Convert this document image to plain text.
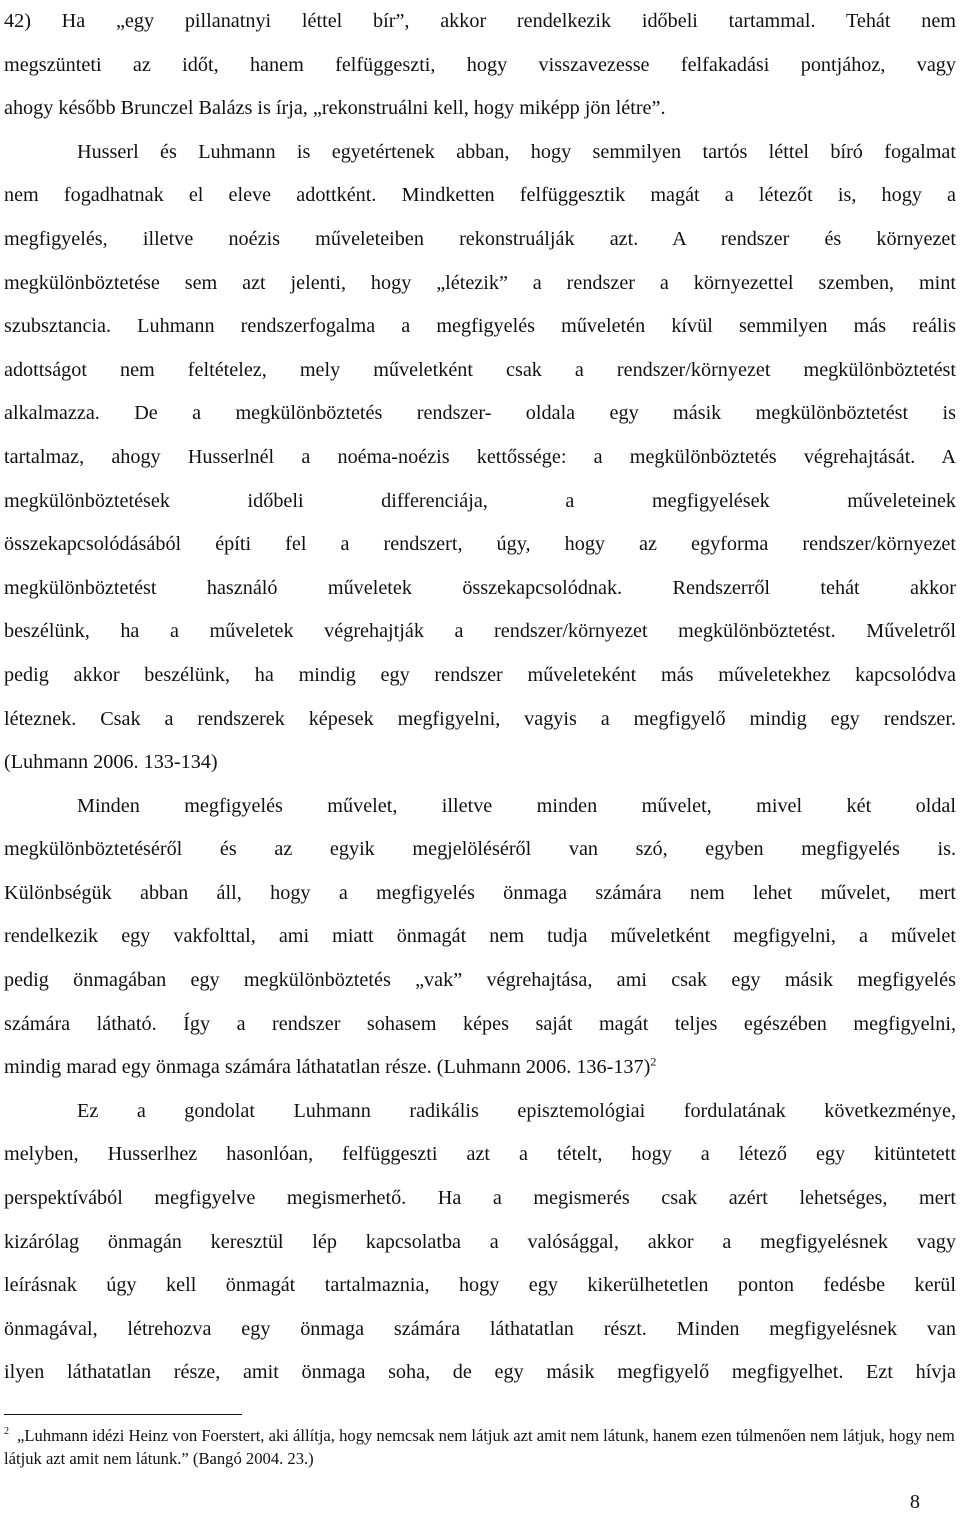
42) Ha „egy pillanatnyi léttel bír”, akkor rendelkezik időbeli tartammal. Tehát nem

megszünteti az időt, hanem felfüggeszti, hogy visszavezesse felfakadási pontjához, vagy

ahogy később Brunczel Balázs is írja, „rekonstruálni kell, hogy miképp jön létre”.

Husserl és Luhmann is egyetértenek abban, hogy semmilyen tartós léttel bíró fogalmat

nem fogadhatnak el eleve adottként. Mindketten felfüggesztik magát a létezőt is, hogy a

megfigyelés, illetve noézis műveleteiben rekonstruálják azt. A rendszer és környezet

megkülönböztetése sem azt jelenti, hogy „létezik” a rendszer a környezettel szemben, mint

szubsztancia. Luhmann rendszerfogalma a megfigyelés műveletén kívül semmilyen más reális

adottságot nem feltételez, mely műveletként csak a rendszer/környezet megkülönböztetést

alkalmazza. De a megkülönböztetés rendszer- oldala egy másik megkülönböztetést is

tartalmaz, ahogy Husserlnél a noéma-noézis kettőssége: a megkülönböztetés végrehajtását. A

megkülönböztetések időbeli differenciája, a megfigyelések műveleteinek

összekapcsolódásából építi fel a rendszert, úgy, hogy az egyforma rendszer/környezet

megkülönböztetést használó műveletek összekapcsolódnak. Rendszerről tehát akkor

beszélünk, ha a műveletek végrehajtják a rendszer/környezet megkülönböztetést. Műveletről

pedig akkor beszélünk, ha mindig egy rendszer műveleteként más műveletekhez kapcsolódva

léteznek. Csak a rendszerek képesek megfigyelni, vagyis a megfigyelő mindig egy rendszer.

(Luhmann 2006. 133-134)

Minden megfigyelés művelet, illetve minden művelet, mivel két oldal

megkülönböztetéséről és az egyik megjelöléséről van szó, egyben megfigyelés is.

Különbségük abban áll, hogy a megfigyelés önmaga számára nem lehet művelet, mert

rendelkezik egy vakfolttal, ami miatt önmagát nem tudja műveletként megfigyelni, a művelet

pedig önmagában egy megkülönböztetés „vak” végrehajtása, ami csak egy másik megfigyelés

számára látható. Így a rendszer sohasem képes saját magát teljes egészében megfigyelni,

mindig marad egy önmaga számára láthatatlan része. (Luhmann 2006. 136-137)$^2$

Ez a gondolat Luhmann radikális episztemológiai fordulatának következménye,

melyben, Husserlhez hasonlóan, felfüggeszti azt a tételt, hogy a létező egy kitüntetett

perspektívából megfigyelve megismerhető. Ha a megismerés csak azért lehetséges, mert

kizárólag önmagán keresztül lép kapcsolatba a valósággal, akkor a megfigyelésnek vagy

leírásnak úgy kell önmagát tartalmaznia, hogy egy kikerülhetetlen ponton fedésbe kerül

önmagával, létrehozva egy önmaga számára láthatatlan részt. Minden megfigyelésnek van

ilyen láthatatlan része, amit önmaga soha, de egy másik megfigyelő megfigyelhet. Ezt hívja

$^2$ „Luhmann idézi Heinz von Foerstert, aki állítja, hogy nemcsak nem látjuk azt amit nem látunk, hanem ezen túlmenően nem látjuk, hogy nem látjuk azt amit nem látunk.” (Bangó 2004. 23.)

8
